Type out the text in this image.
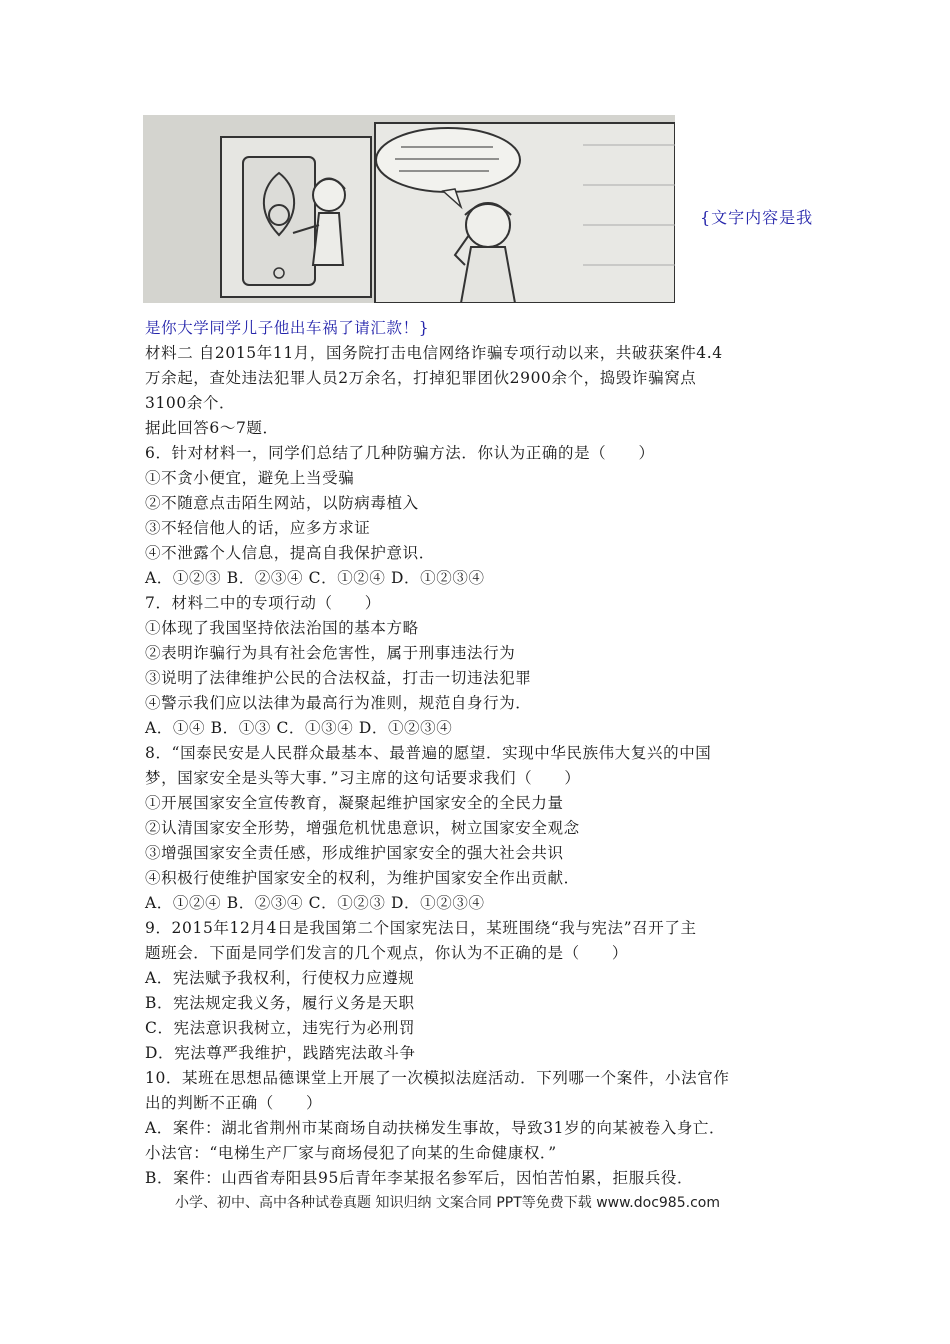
{文字内容是我
是你大学同学儿子他出车祸了请汇款！}
材料二 自2015年11月，国务院打击电信网络诈骗专项行动以来，共破获案件4.4
万余起，查处违法犯罪人员2万余名，打掉犯罪团伙2900余个，捣毁诈骗窝点
3100余个．
据此回答6～7题．
6．针对材料一，同学们总结了几种防骗方法．你认为正确的是（　　）
①不贪小便宜，避免上当受骗
②不随意点击陌生网站，以防病毒植入
③不轻信他人的话，应多方求证
④不泄露个人信息，提高自我保护意识．
A．①②③ B．②③④ C．①②④ D．①②③④
7．材料二中的专项行动（　　）
①体现了我国坚持依法治国的基本方略
②表明诈骗行为具有社会危害性，属于刑事违法行为
③说明了法律维护公民的合法权益，打击一切违法犯罪
④警示我们应以法律为最高行为准则，规范自身行为．
A．①④ B．①③ C．①③④ D．①②③④
8．“国泰民安是人民群众最基本、最普遍的愿望．实现中华民族伟大复兴的中国
梦，国家安全是头等大事．”习主席的这句话要求我们（　　）
①开展国家安全宣传教育，凝聚起维护国家安全的全民力量
②认清国家安全形势，增强危机忧患意识，树立国家安全观念
③增强国家安全责任感，形成维护国家安全的强大社会共识
④积极行使维护国家安全的权利，为维护国家安全作出贡献．
A．①②④ B．②③④ C．①②③ D．①②③④
9．2015年12月4日是我国第二个国家宪法日，某班围绕“我与宪法”召开了主
题班会．下面是同学们发言的几个观点，你认为不正确的是（　　）
A．宪法赋予我权利，行使权力应遵规
B．宪法规定我义务，履行义务是天职
C．宪法意识我树立，违宪行为必刑罚
D．宪法尊严我维护，践踏宪法敢斗争
10．某班在思想品德课堂上开展了一次模拟法庭活动．下列哪一个案件，小法官作
出的判断不正确（　　）
A．案件：湖北省荆州市某商场自动扶梯发生事故，导致31岁的向某被卷入身亡．
小法官：“电梯生产厂家与商场侵犯了向某的生命健康权．”
B．案件：山西省寿阳县95后青年李某报名参军后，因怕苦怕累，拒服兵役．
小学、初中、高中各种试卷真题 知识归纳 文案合同 PPT等免费下载 www.doc985.com
